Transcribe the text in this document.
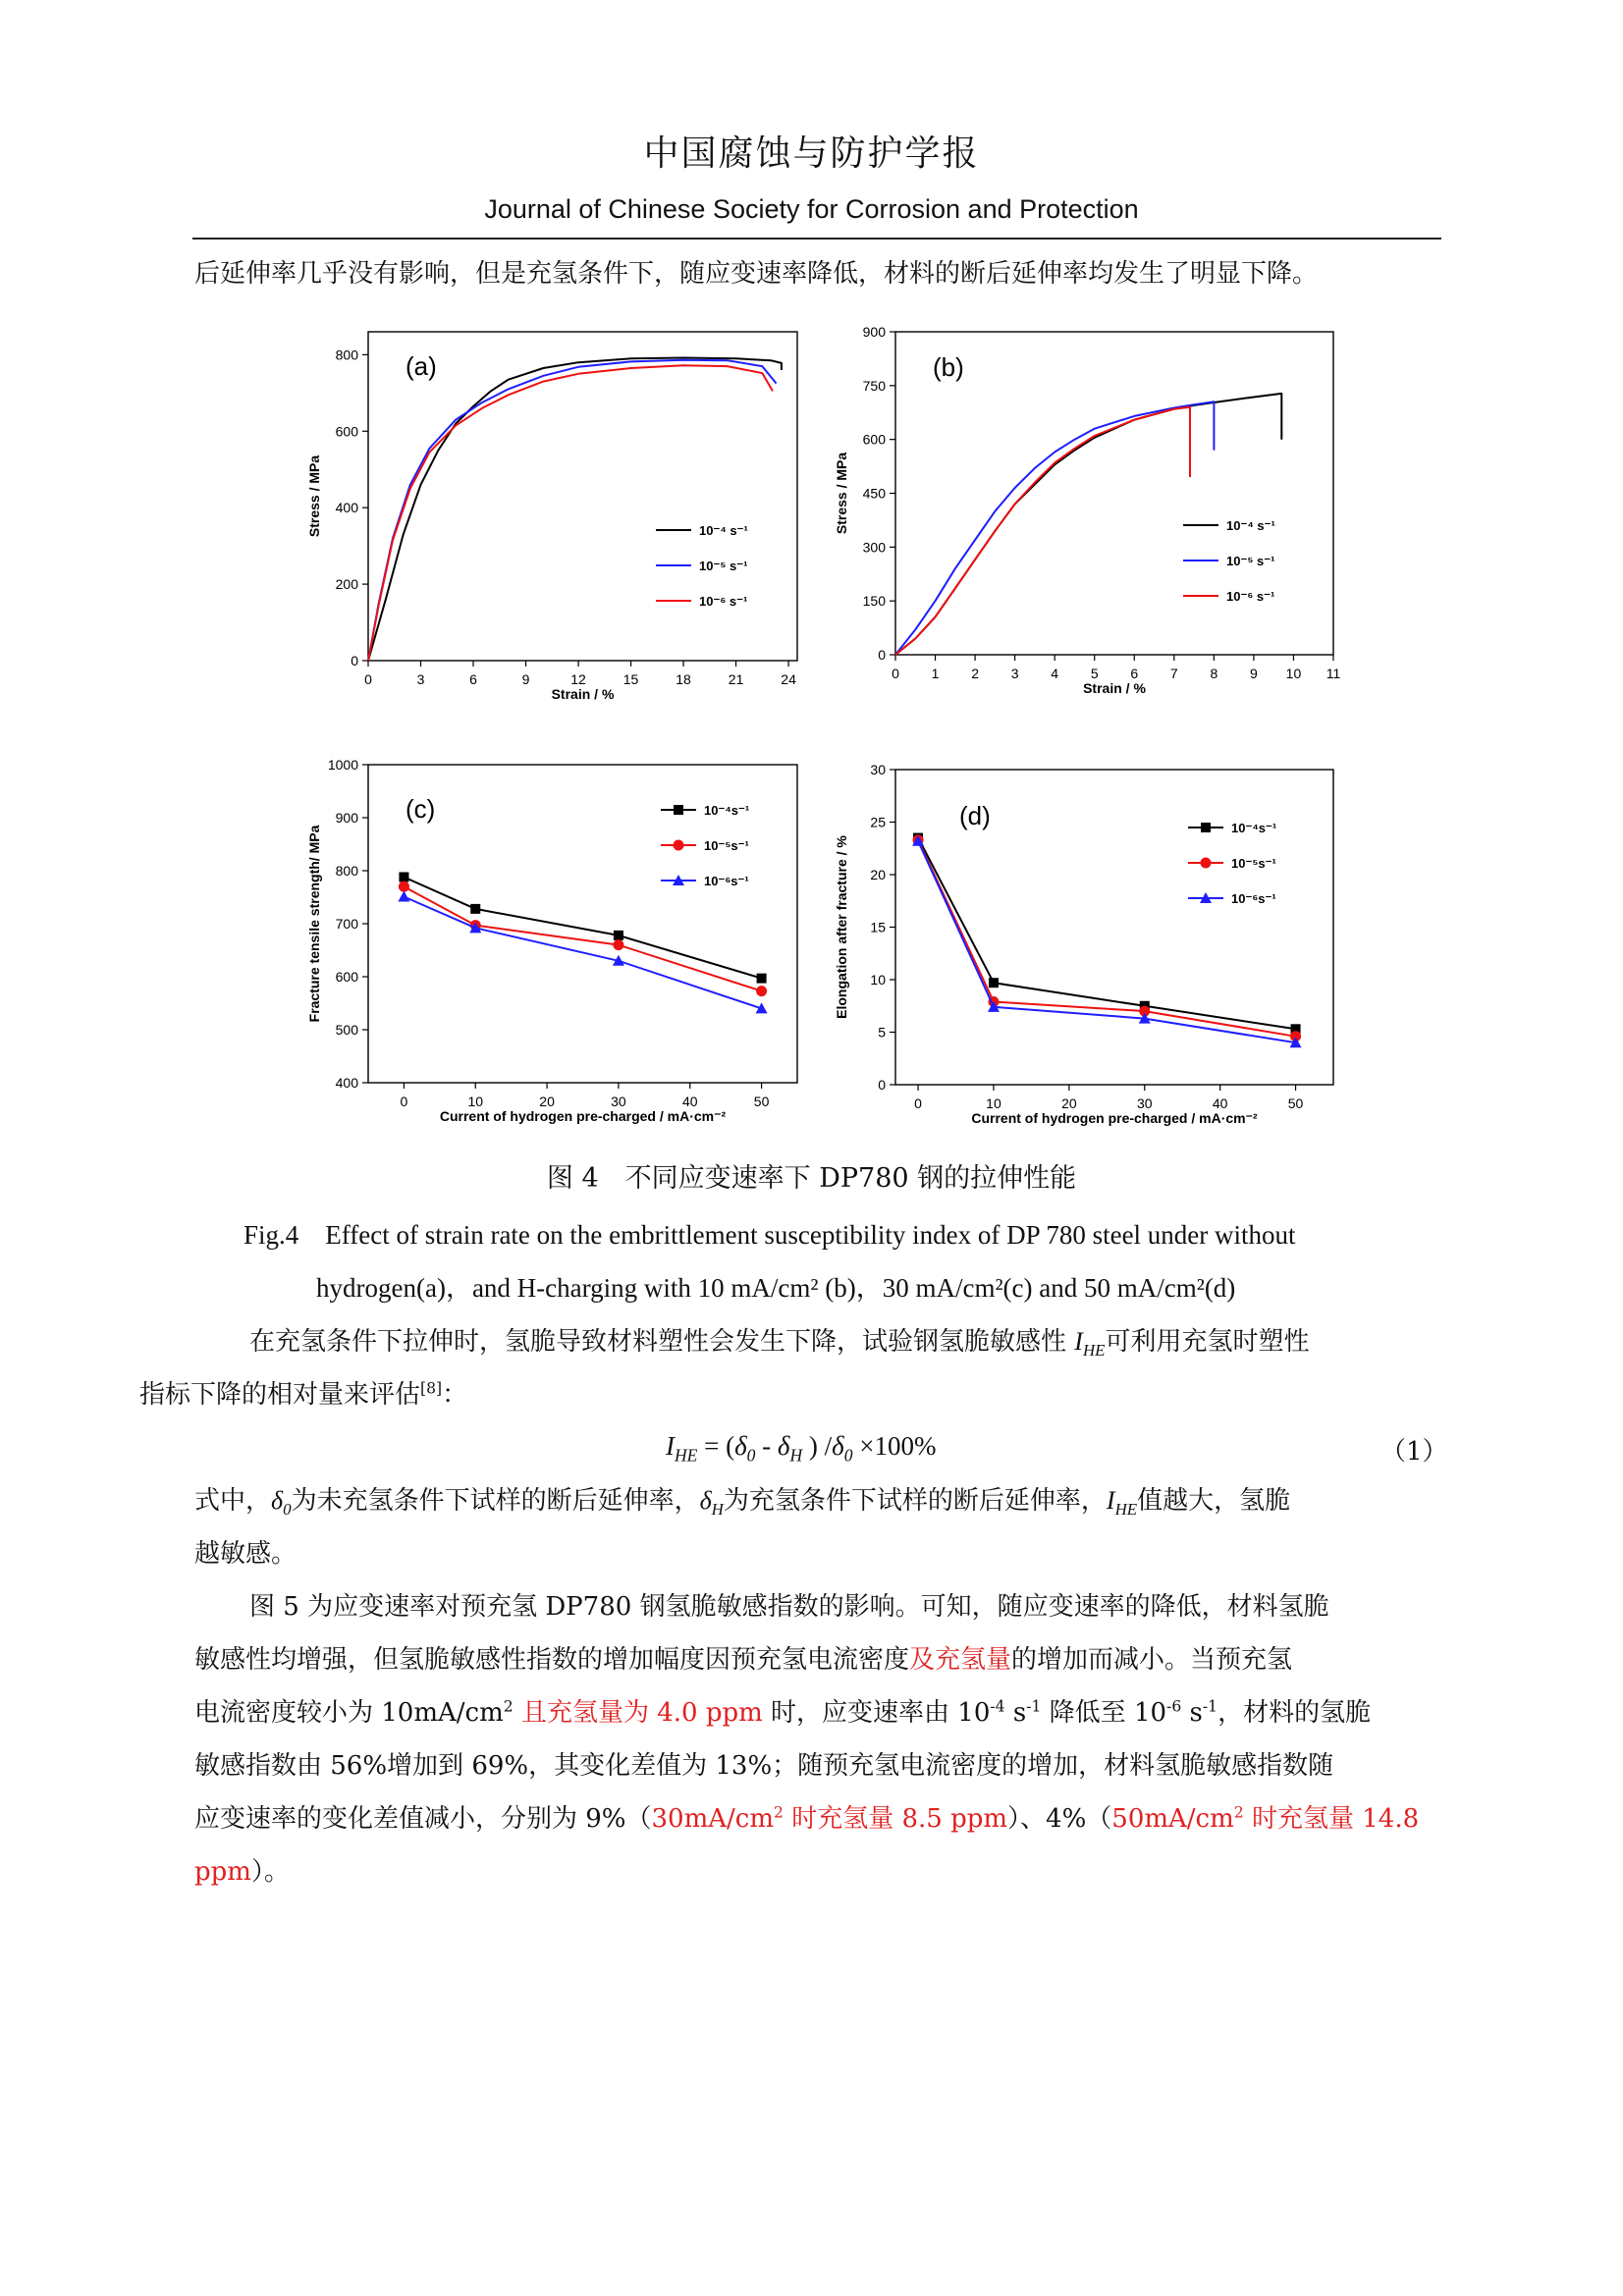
中国腐蚀与防护学报
Journal of Chinese Society for Corrosion and Protection
后延伸率几乎没有影响，但是充氢条件下，随应变速率降低，材料的断后延伸率均发生了明显下降。
0	3	6	9	12	15	18	21	24
0
200
400
600
800
Strain / %
Stress / MPa
(a)
10⁻⁴ s⁻¹
10⁻⁵ s⁻¹
10⁻⁶ s⁻¹
0 1 2 3 4 5 6 7 8 9 10 11
0
150
300
450
600
750
900
Strain / %
Stress / MPa
(b)
10⁻⁴ s⁻¹
10⁻⁵ s⁻¹
10⁻⁶ s⁻¹
0	10	20	30	40	50
400
500
600
700
800
900
1000
Current of hydrogen pre-charged / mA·cm⁻²
Fracture tensile strength/ MPa
(c)	10⁻⁴s⁻¹
10⁻⁵s⁻¹
10⁻⁶s⁻¹
0	10	20	30	40	50
0
5
10
15
20
25
30
Current of hydrogen pre-charged / mA·cm⁻²
Elongation after fracture / %
(d)	10⁻⁴s⁻¹
10⁻⁵s⁻¹
10⁻⁶s⁻¹
图 4　不同应变速率下 DP780 钢的拉伸性能
Fig.4　Effect of strain rate on the embrittlement susceptibility index of DP 780 steel under without
hydrogen(a)，and H-charging with 10 mA/cm² (b)，30 mA/cm²(c) and 50 mA/cm²(d)
在充氢条件下拉伸时，氢脆导致材料塑性会发生下降，试验钢氢脆敏感性 $I_{HE}$可利用充氢时塑性
指标下降的相对量来评估[8]：
$I_{HE} = (\delta_0 - \delta_H$ ) $/\delta_0 \times 100\%$	（1）
式中，$\delta_0$为未充氢条件下试样的断后延伸率，$\delta_H$为充氢条件下试样的断后延伸率，$I_{HE}$值越大，氢脆
越敏感。
图 5 为应变速率对预充氢 DP780 钢氢脆敏感指数的影响。可知，随应变速率的降低，材料氢脆
敏感性均增强，但氢脆敏感性指数的增加幅度因预充氢电流密度及充氢量的增加而减小。当预充氢
电流密度较小为 $10mA/cm^2$ 且充氢量为 4.0 ppm 时，应变速率由 $10^{-4}$ $s^{-1}$ 降低至 $10^{-6}$ $s^{-1}$，材料的氢脆
敏感指数由 56%增加到 69%，其变化差值为 13%；随预充氢电流密度的增加，材料氢脆敏感指数随
应变速率的变化差值减小，分别为 $9\%(30mA/cm^2$ 时充氢量 8.5 ppm）、$4\%(50mA/cm^2$ 时充氢量 14.8
ppm）。
